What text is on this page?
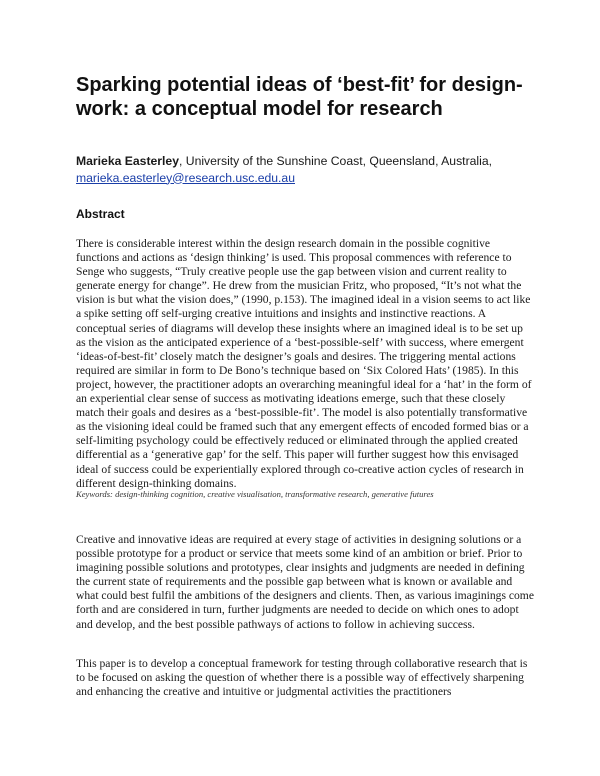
Sparking potential ideas of ‘best-fit’ for design- work: a conceptual model for research
Marieka Easterley, University of the Sunshine Coast, Queensland, Australia, marieka.easterley@research.usc.edu.au
Abstract

There is considerable interest within the design research domain in the possible cognitive functions and actions as ‘design thinking’ is used. This proposal commences with reference to Senge who suggests, “Truly creative people use the gap between vision and current reality to generate energy for change”. He drew from the musician Fritz, who proposed, “It’s not what the vision is but what the vision does,” (1990, p.153). The imagined ideal in a vision seems to act like a spike setting off self-urging creative intuitions and insights and instinctive reactions. A conceptual series of diagrams will develop these insights where an imagined ideal is to be set up as the vision as the anticipated experience of a ‘best-possible-self’ with success, where emergent ‘ideas-of-best-fit’ closely match the designer’s goals and desires. The triggering mental actions required are similar in form to De Bono’s technique based on ‘Six Colored Hats’ (1985). In this project, however, the practitioner adopts an overarching meaningful ideal for a ‘hat’ in the form of an experiential clear sense of success as motivating ideations emerge, such that these closely match their goals and desires as a ‘best-possible-fit’. The model is also potentially transformative as the visioning ideal could be framed such that any emergent effects of encoded formed bias or a self-limiting psychology could be effectively reduced or eliminated through the applied created differential as a ‘generative gap’ for the self. This paper will further suggest how this envisaged ideal of success could be experientially explored through co-creative action cycles of research in different design-thinking domains.

Keywords: design-thinking cognition, creative visualisation, transformative research, generative futures

Creative and innovative ideas are required at every stage of activities in designing solutions or a possible prototype for a product or service that meets some kind of an ambition or brief. Prior to imagining possible solutions and prototypes, clear insights and judgments are needed in defining the current state of requirements and the possible gap between what is known or available and what could best fulfil the ambitions of the designers and clients. Then, as various imaginings come forth and are considered in turn, further judgments are needed to decide on which ones to adopt and develop, and the best possible pathways of actions to follow in achieving success.

This paper is to develop a conceptual framework for testing through collaborative research that is to be focused on asking the question of whether there is a possible way of effectively sharpening and enhancing the creative and intuitive or judgmental activities the practitioners
